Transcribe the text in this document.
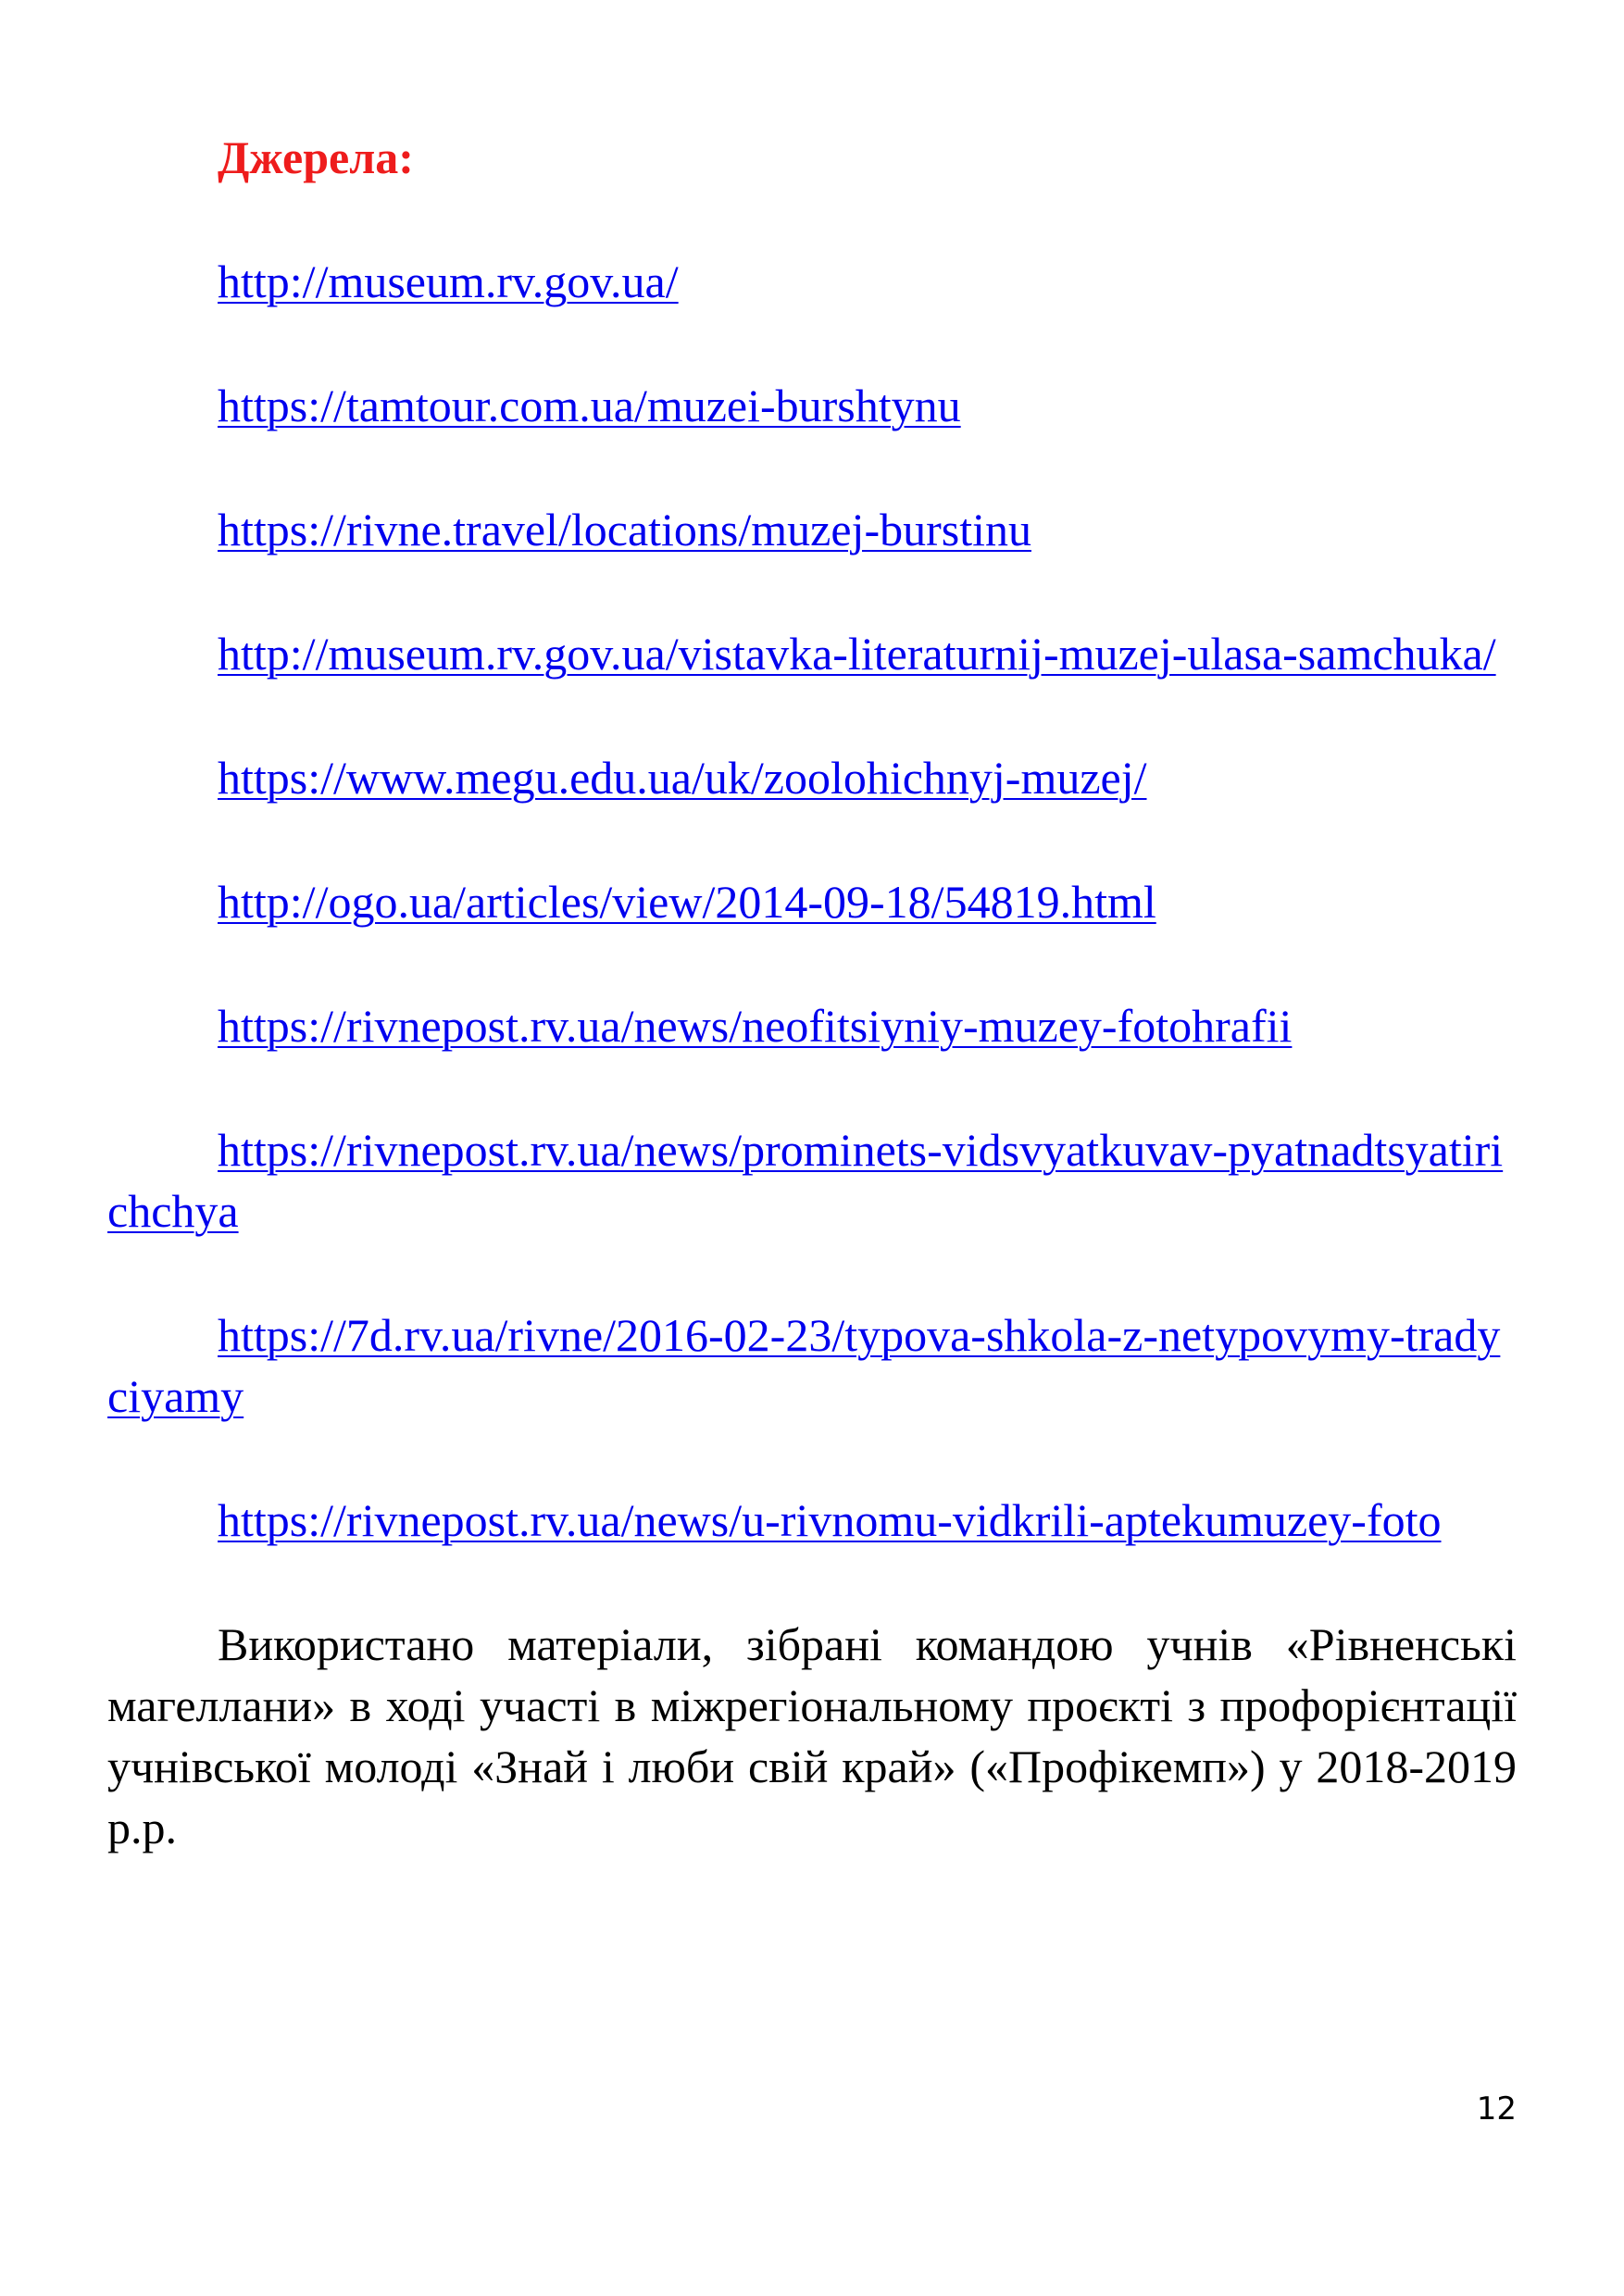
Джерела:
http://museum.rv.gov.ua/
https://tamtour.com.ua/muzei-burshtynu
https://rivne.travel/locations/muzej-burstinu
http://museum.rv.gov.ua/vistavka-literaturnij-muzej-ulasa-samchuka/
https://www.megu.edu.ua/uk/zoolohichnyj-muzej/
http://ogo.ua/articles/view/2014-09-18/54819.html
https://rivnepost.rv.ua/news/neofitsiyniy-muzey-fotohrafii
https://rivnepost.rv.ua/news/prominets-vidsvyatkuvav-pyatnadtsyatirichchya
https://7d.rv.ua/rivne/2016-02-23/typova-shkola-z-netypovymy-tradyciyamy
https://rivnepost.rv.ua/news/u-rivnomu-vidkrili-aptekumuzey-foto

Використано матеріали, зібрані командою учнів «Рівненські магеллани» в ході участі в міжрегіональному проєкті з профорієнтації учнівської молоді «Знай і люби свій край» («Профікемп») у 2018-2019 р.р.

12
